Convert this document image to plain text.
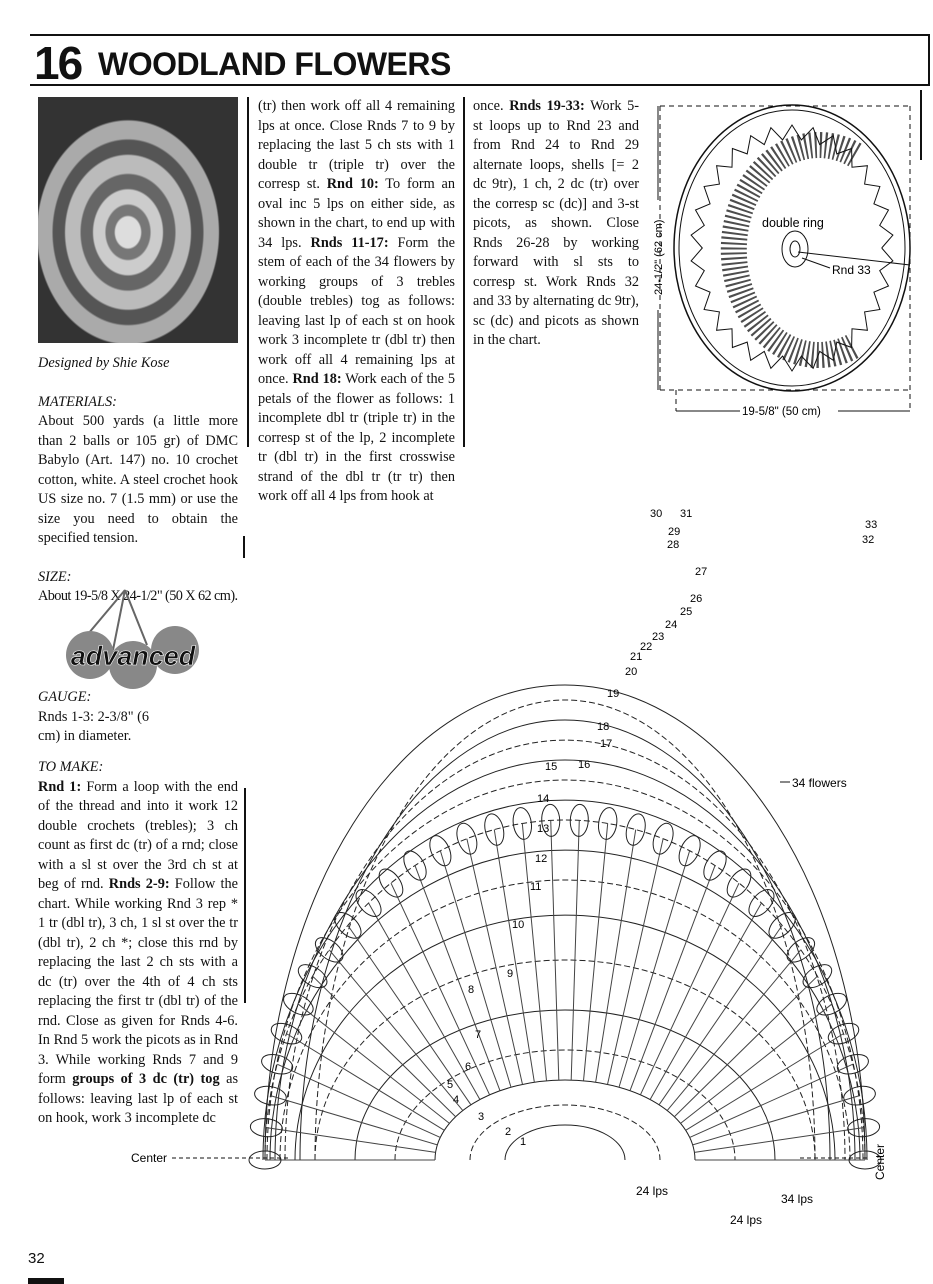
16 WOODLAND FLOWERS

Designed by Shie Kose

MATERIALS:

About 500 yards (a little more than 2 balls or 105 gr) of DMC Babylo (Art. 147) no. 10 crochet cotton, white. A steel crochet hook US size no. 7 (1.5 mm) or use the size you need to obtain the specified tension.

SIZE:

About 19-5/8 X 24-1/2" (50 X 62 cm).

advanced

GAUGE:

Rnds 1-3: 2-3/8" (6 cm) in diameter.

TO MAKE:

Rnd 1: Form a loop with the end of the thread and into it work 12 double crochets (trebles); 3 ch count as first dc (tr) of a rnd; close with a sl st over the 3rd ch st at beg of rnd. Rnds 2-9: Follow the chart. While working Rnd 3 rep * 1 tr (dbl tr), 3 ch, 1 sl st over the tr (dbl tr), 2 ch *; close this rnd by replacing the last 2 ch sts with a dc (tr) over the 4th of 4 ch sts replacing the first tr (dbl tr) of the rnd. Close as given for Rnds 4-6. In Rnd 5 work the picots as in Rnd 3. While working Rnds 7 and 9 form groups of 3 dc (tr) tog as follows: leaving last lp of each st on hook, work 3 incomplete dc

(tr) then work off all 4 remaining lps at once. Close Rnds 7 to 9 by replacing the last 5 ch sts with 1 double tr (triple tr) over the corresp st. Rnd 10: To form an oval inc 5 lps on either side, as shown in the chart, to end up with 34 lps. Rnds 11-17: Form the stem of each of the 34 flowers by working groups of 3 trebles (double trebles) tog as follows: leaving last lp of each st on hook work 3 incomplete tr (dbl tr) then work off all 4 remaining lps at once. Rnd 18: Work each of the 5 petals of the flower as follows: 1 incomplete dbl tr (triple tr) in the corresp st of the lp, 2 incomplete tr (dbl tr) in the first crosswise strand of the dbl tr (tr tr) then work off all 4 lps from hook at

once. Rnds 19-33: Work 5-st loops up to Rnd 23 and from Rnd 24 to Rnd 29 alternate loops, shells [= 2 dc 9tr), 1 ch, 2 dc (tr) over the corresp sc (dc)] and 3-st picots, as shown. Close Rnds 26-28 by working forward with sl sts to corresp st. Work Rnds 32 and 33 by alternating dc 9tr), sc (dc) and picots as shown in the chart.

double ring
Rnd 33
19-5/8" (50 cm)
24-1/2" (62 cm)
1
2
3
4
5
6
7
8
9
10
11
12
13
14
15 16
17
18
19
20
21
22
23
24
25
26
27
28
29
30 31
32
33
Center	Center
34 flowers
24 lps
24 lps
34 lps
32
